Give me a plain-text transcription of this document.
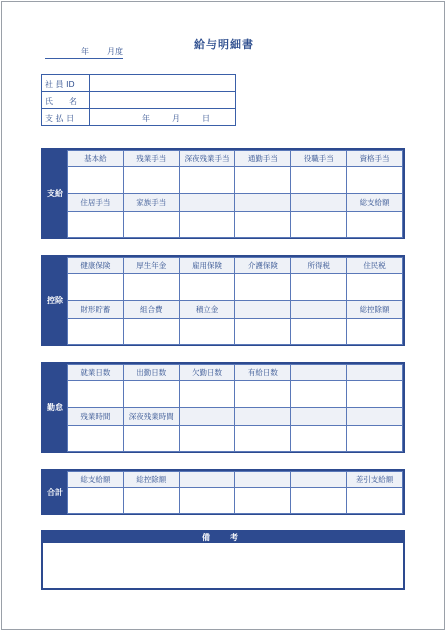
給与明細書
年 月度
社 員 ID	

氏　　名	

支 払 日	年 月 日
支給
基本給	残業手当	深夜残業手当	通勤手当	役職手当	資格手当

住居手当	家族手当				総支給額

控除
健康保険	厚生年金	雇用保険	介護保険	所得税	住民税

財形貯蓄	組合費	積立金			総控除額

勤怠
就業日数	出勤日数	欠勤日数	有給日数		

残業時間	深夜残業時間				

合計
総支給額	総控除額				差引支給額

備　考
